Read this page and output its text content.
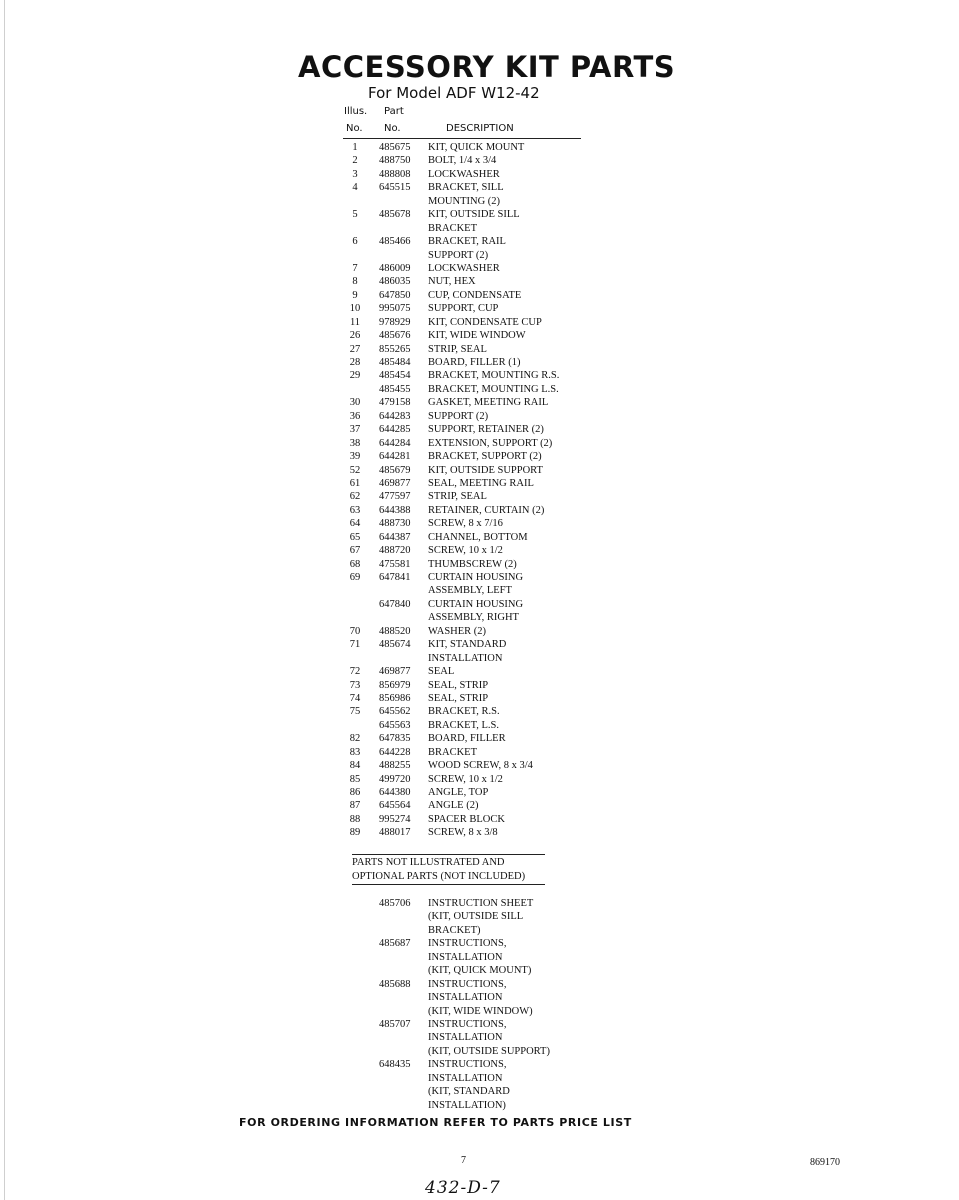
ACCESSORY KIT PARTS
For Model ADF W12-42
Illus. Part
No. No.	DESCRIPTION
1	485675 KIT, QUICK MOUNT
2	488750 BOLT, 1/4 x 3/4
3	488808 LOCKWASHER
4	645515 BRACKET, SILL
MOUNTING (2)
5	485678 KIT, OUTSIDE SILL
BRACKET
6	485466 BRACKET, RAIL
SUPPORT (2)
7	486009 LOCKWASHER
8	486035 NUT, HEX
9	647850 CUP, CONDENSATE
10	995075 SUPPORT, CUP
11	978929 KIT, CONDENSATE CUP
26	485676 KIT, WIDE WINDOW
27	855265 STRIP, SEAL
28	485484 BOARD, FILLER (1)
29	485454 BRACKET, MOUNTING R.S.
485455 BRACKET, MOUNTING L.S.
30	479158 GASKET, MEETING RAIL
36	644283 SUPPORT (2)
37	644285 SUPPORT, RETAINER (2)
38	644284 EXTENSION, SUPPORT (2)
39	644281 BRACKET, SUPPORT (2)
52	485679 KIT, OUTSIDE SUPPORT
61	469877 SEAL, MEETING RAIL
62	477597 STRIP, SEAL
63	644388 RETAINER, CURTAIN (2)
64	488730 SCREW, 8 x 7/16
65	644387 CHANNEL, BOTTOM
67	488720 SCREW, 10 x 1/2
68	475581 THUMBSCREW (2)
69	647841 CURTAIN HOUSING
ASSEMBLY, LEFT
647840 CURTAIN HOUSING
ASSEMBLY, RIGHT
70	488520 WASHER (2)
71	485674 KIT, STANDARD
INSTALLATION
72	469877 SEAL
73	856979 SEAL, STRIP
74	856986 SEAL, STRIP
75	645562 BRACKET, R.S.
645563 BRACKET, L.S.
82	647835 BOARD, FILLER
83	644228 BRACKET
84	488255 WOOD SCREW, 8 x 3/4
85	499720 SCREW, 10 x 1/2
86	644380 ANGLE, TOP
87	645564 ANGLE (2)
88	995274 SPACER BLOCK
89	488017 SCREW, 8 x 3/8
PARTS NOT ILLUSTRATED AND
OPTIONAL PARTS (NOT INCLUDED)
485706 INSTRUCTION SHEET
(KIT, OUTSIDE SILL
BRACKET)
485687 INSTRUCTIONS,
INSTALLATION
(KIT, QUICK MOUNT)
485688 INSTRUCTIONS,
INSTALLATION
(KIT, WIDE WINDOW)
485707 INSTRUCTIONS,
INSTALLATION
(KIT, OUTSIDE SUPPORT)
648435 INSTRUCTIONS,
INSTALLATION
(KIT, STANDARD
INSTALLATION)
FOR ORDERING INFORMATION REFER TO PARTS PRICE LIST
7	869170
432-D-7
